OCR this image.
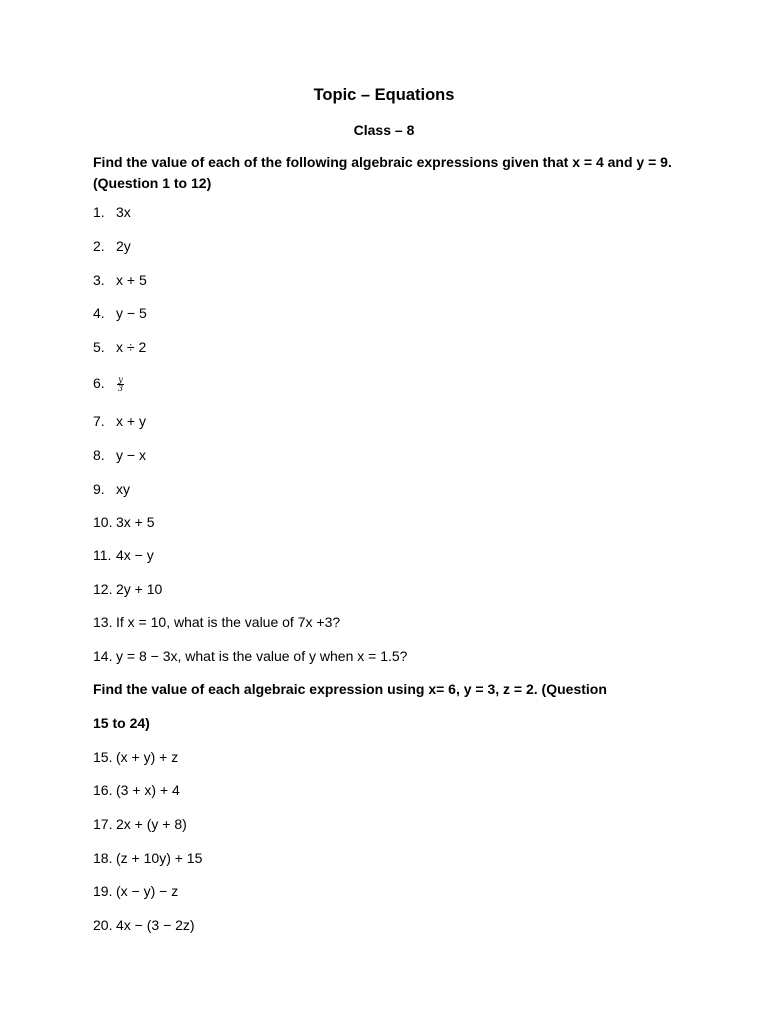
Topic – Equations
Class – 8
Find the value of each of the following algebraic expressions given that x = 4 and y = 9. (Question 1 to 12)
1. 3x
2. 2y
3. x + 5
4. y − 5
5. x ÷ 2
6. $\frac{y}{3}$
7. x + y
8. y − x
9. xy
10. 3x + 5
11. 4x − y
12. 2y + 10
13. If x = 10, what is the value of 7x +3?
14. y = 8 − 3x, what is the value of y when x = 1.5?
Find the value of each algebraic expression using x= 6, y = 3, z = 2. (Question
15 to 24)
15. (x + y) + z
16. (3 + x) + 4
17. 2x + (y + 8)
18. (z + 10y) + 15
19. (x − y) − z
20. 4x − (3 − 2z)
